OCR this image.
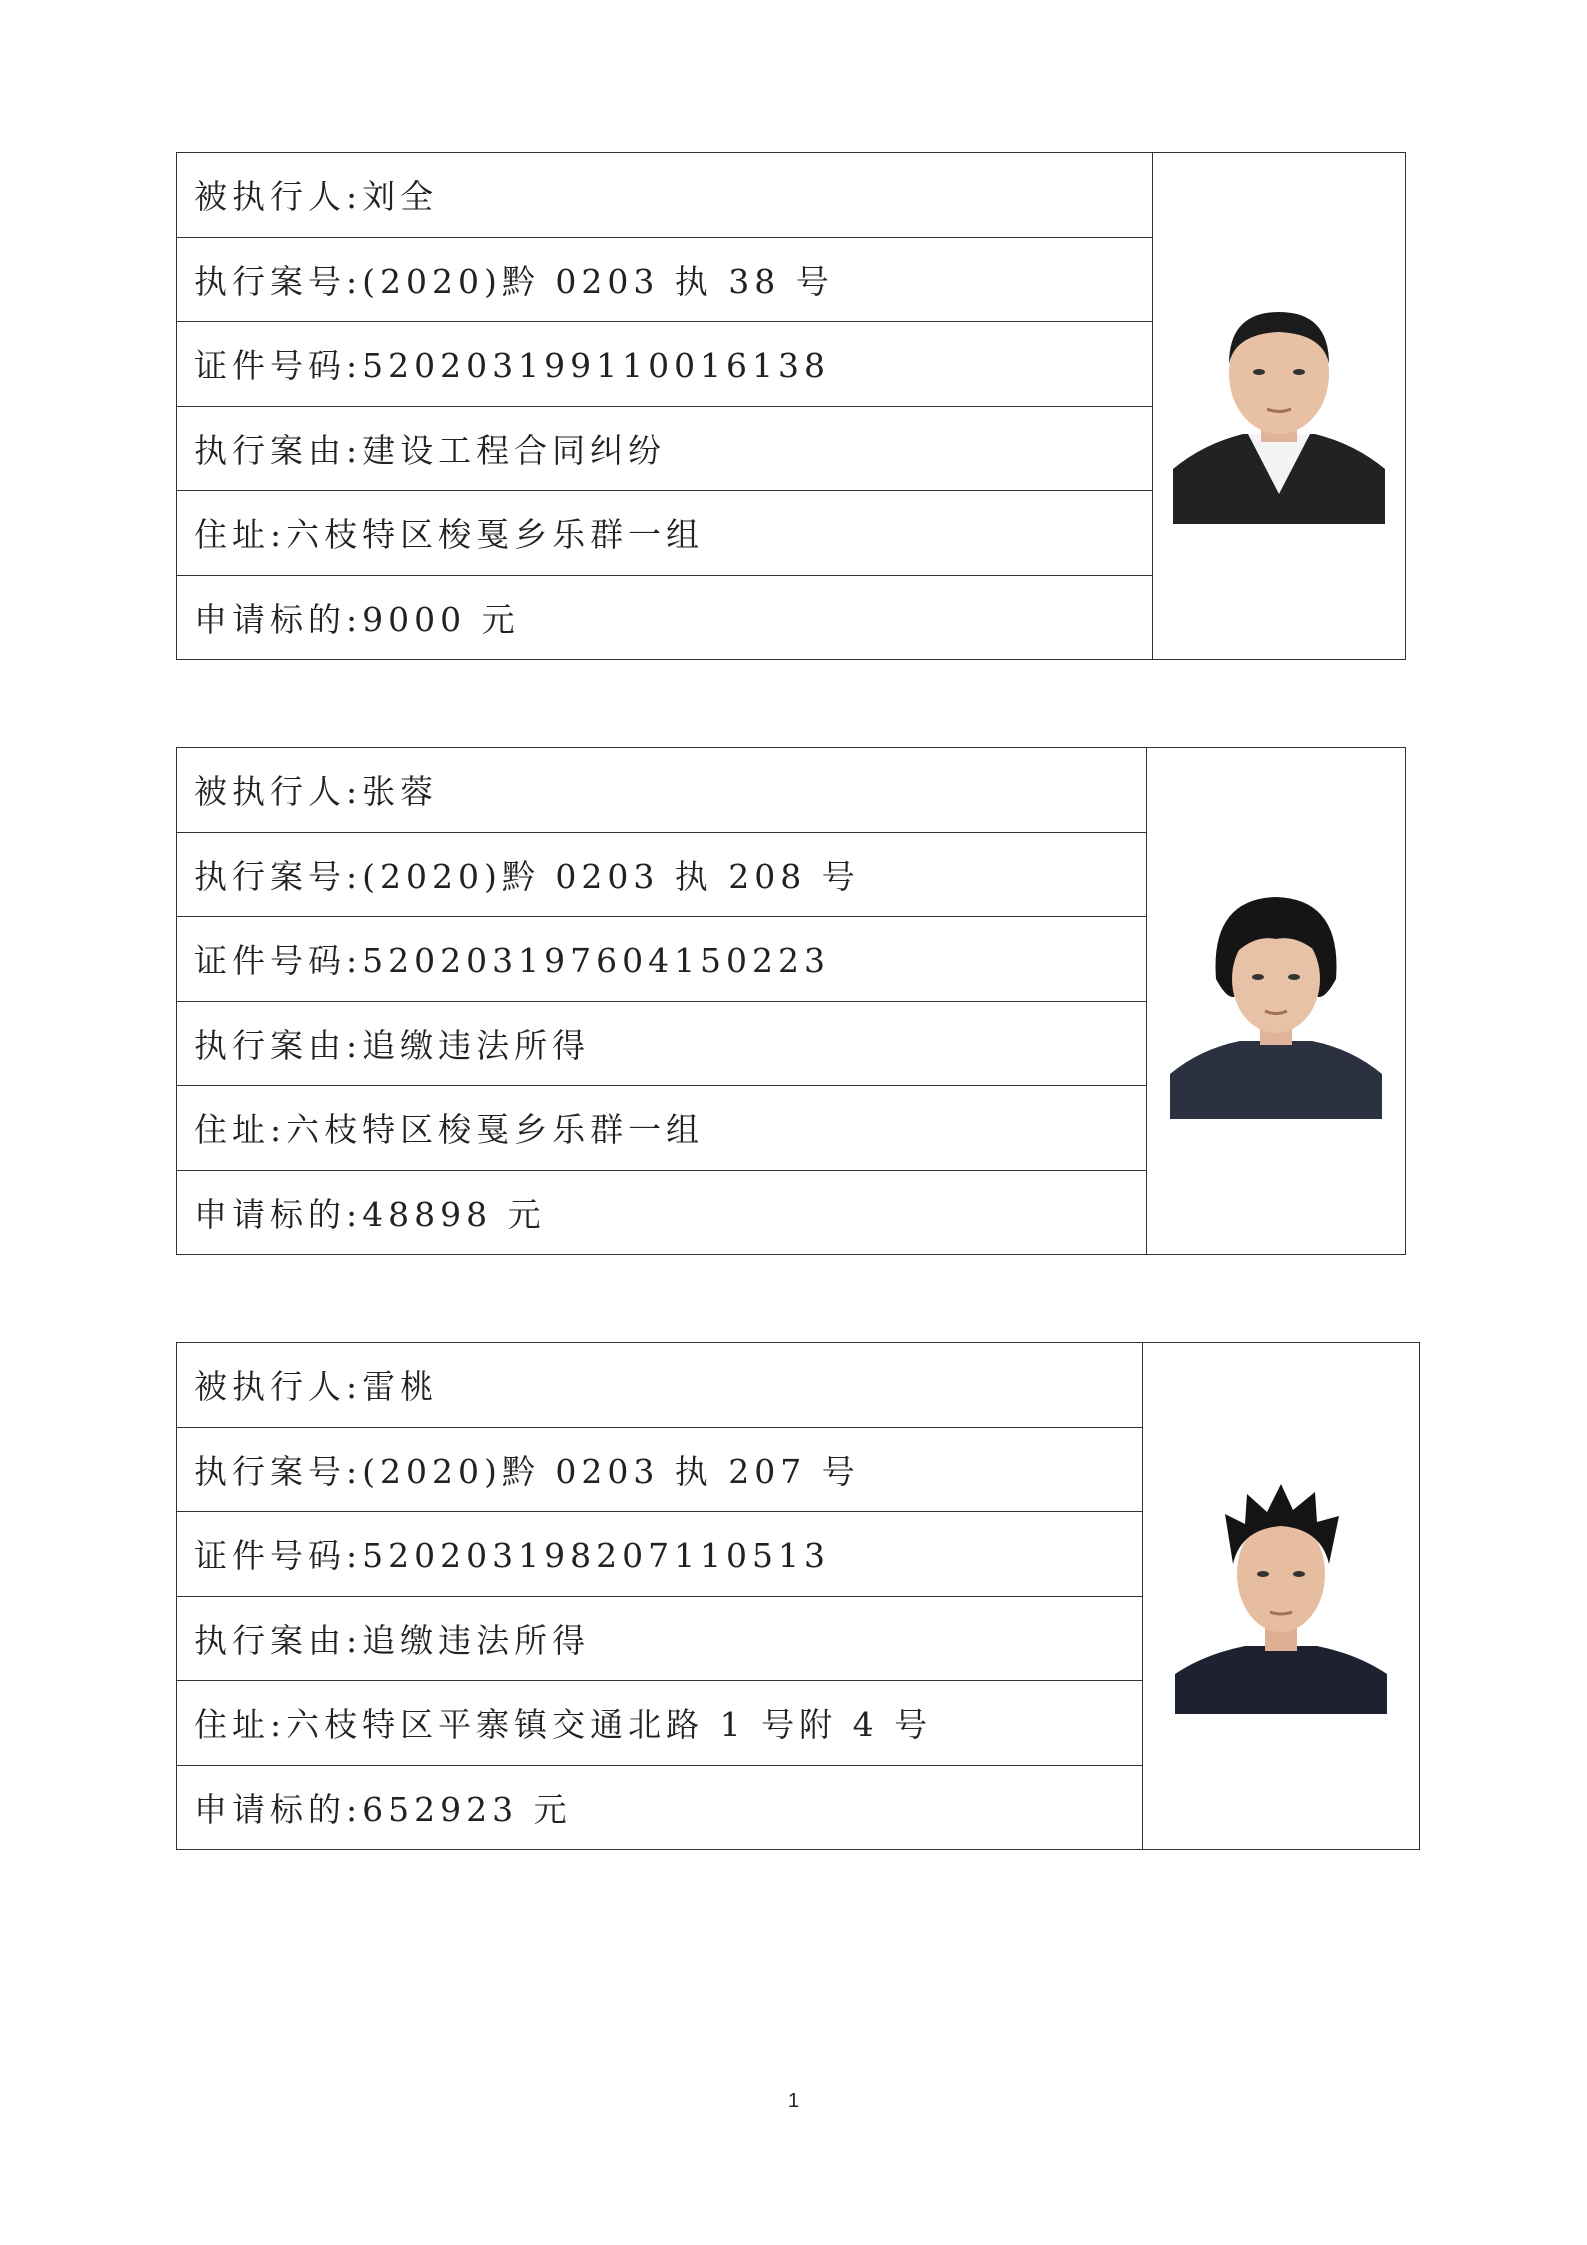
被执行人:刘全	

执行案号:(2020)黔 0203 执 38 号
证件号码:520203199110016138
执行案由:建设工程合同纠纷
住址:六枝特区梭戛乡乐群一组
申请标的:9000 元
被执行人:张蓉	

执行案号:(2020)黔 0203 执 208 号
证件号码:520203197604150223
执行案由:追缴违法所得
住址:六枝特区梭戛乡乐群一组
申请标的:48898 元
被执行人:雷桃	

执行案号:(2020)黔 0203 执 207 号
证件号码:520203198207110513
执行案由:追缴违法所得
住址:六枝特区平寨镇交通北路 1 号附 4 号
申请标的:652923 元
1
